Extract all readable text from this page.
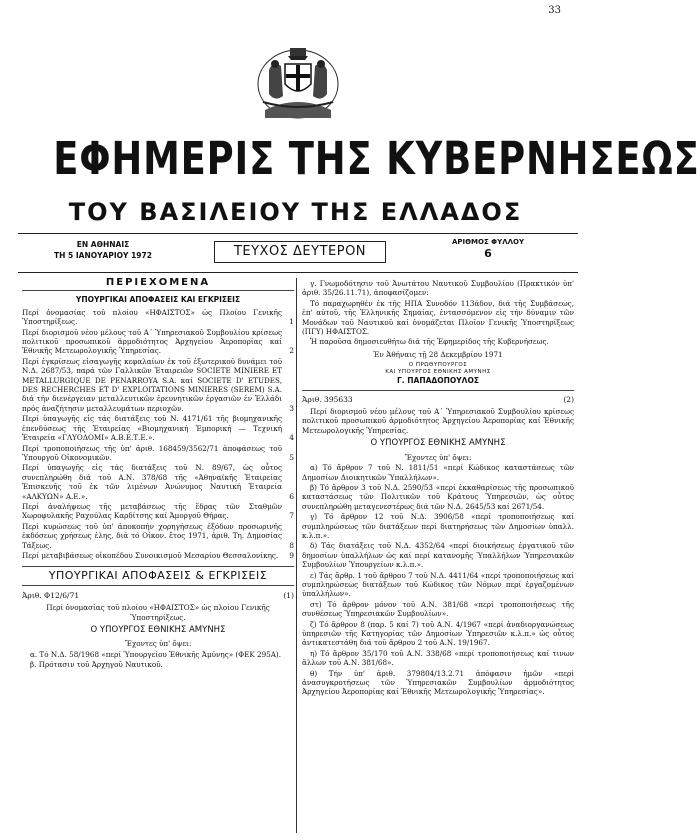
33
ΕΦΗΜΕΡΙΣ ΤΗΣ ΚΥΒΕΡΝΗΣΕΩΣ
ΤΟΥ ΒΑΣΙΛΕΙΟΥ ΤΗΣ ΕΛΛΑΔΟΣ
ΕΝ ΑΘΗΝΑΙΣ
ΤΗ 5 ΙΑΝΟΥΑΡΙΟΥ 1972	ΤΕΥΧΟΣ ΔΕΥΤΕΡΟΝ
ΑΡΙΘΜΟΣ ΦΥΛΛΟΥ
6
ΠΕΡΙΕΧΟΜΕΝΑ
ΥΠΟΥΡΓΙΚΑΙ ΑΠΟΦΑΣΕΙΣ ΚΑΙ ΕΓΚΡΙΣΕΙΣ
Περί ὀνομασίας τοῦ πλοίου «ΗΦΑΙΣΤΟΣ» ὡς Πλοίου Γενικῆς Ὑποστηρίξεως.	1
Περί διορισμοῦ νέου μέλους τοῦ Α΄ Ὑπηρεσιακοῦ Συμβουλίου κρίσεως πολιτικοῦ προσωπικοῦ ἁρμοδιότητος Ἀρχηγείου Ἀεροπορίας καί Ἐθνικῆς Μετεωρολογικῆς Ὑπηρεσίας.	2
Περί ἐγκρίσεως εἰσαγωγῆς κεφαλαίων ἐκ τοῦ ἐξωτερικοῦ δυνάμει τοῦ Ν.Δ. 2687/53, παρά τῶν Γαλλικῶν Ἑταιρειῶν SOCIETE MINIERE ET METALLURGIQUE DE PENARROYA S.A. καί SOCIETE D' ETUDES, DES RECHERCHES ET D' EXPLOITATIONS MINIERES (SEREM) S.A. διά τήν διενέργειαν μεταλλευτικῶν ἐρευνητικῶν ἐργασιῶν ἐν Ἑλλάδι πρός ἀναζήτησιν μεταλλευμάτων περιοχῶν.	3
Περί ὑπαγωγῆς εἰς τάς διατάξεις τοῦ Ν. 4171/61 τῆς βιομηχανικῆς ἐπενδύσεως τῆς Ἑταιρείας «Βιομηχανική Ἐμπορική — Τεχνική Ἑταιρεία «ΓΛΥΟΔΟΜΙ» Α.Β.Ε.Τ.Ε.».	4
Περί τροποποιήσεως τῆς ὑπ' ἀριθ. 168459/3562/71 ἀποφάσεως τοῦ Ὑπουργοῦ Οἰκονομικῶν.	5
Περί ὑπαγωγῆς εἰς τάς διατάξεις τοῦ Ν. 89/67, ὡς οὗτος συνεπληρώθη διά τοῦ Α.Ν. 378/68 τῆς «Ἀθηναϊκῆς Ἑταιρείας Ἐπισκευῆς τοῦ ἐκ τῶν λιμένων Ἀνώνυμος Ναυτική Ἑταιρεία «ΑΛΚΥΩΝ» Α.Ε.».	6
Περί ἀναλήψεως τῆς μεταβάσεως τῆς ἕδρας τῶν Σταθμῶν Χωροφυλακῆς Ραχούλας Καρδίτσης καί Ἀμοργοῦ Θήρας.	7
Περί κυρώσεως τοῦ ὑπ' ἀποκοπήν χορηγήσεως ἐξόδων προσωρινῆς ἐκδόσεως χρήσεως ἐλης, διά τό Οἰκον. ἔτος 1971, ἀριθ. Τη. Δημοσίας Τάξεως.	8
Περί μεταβιβάσεως οἰκοπέδου Συνοικισμοῦ Μεσαρίου Θεσσαλονίκης.	9
ΥΠΟΥΡΓΙΚΑΙ ΑΠΟΦΑΣΕΙΣ & ΕΓΚΡΙΣΕΙΣ
Ἀριθ. Φ12/6/71	(1)
Περί ὀνομασίας τοῦ πλοίου «ΗΦΑΙΣΤΟΣ» ὡς πλοίου Γενικῆς Ὑποστηρίξεως.
Ο ΥΠΟΥΡΓΟΣ ΕΘΝΙΚΗΣ ΑΜΥΝΗΣ
Ἔχοντες ὑπ' ὄψει:
α. Τό Ν.Δ. 58/1968 «περί Ὑπουργείου Ἐθνικῆς Ἀμύνης» (ΦΕΚ 295Α).
β. Πρότασιν τοῦ Ἀρχηγοῦ Ναυτικοῦ.
γ. Γνωμοδότησιν τοῦ Ἀνωτάτου Ναυτικοῦ Συμβουλίου (Πρακτικόν ὑπ' ἀριθ. 35/26.11.71), ἀποφασίζομεν:
Τό παραχωρηθέν ἐκ τῆς ΗΠΑ Συνοδόν 113άδον, διά τῆς Συμβάσεως, ἐπ' αὐτοῦ, τῆς Ἑλληνικῆς Σημαίας, ἐντασσόμενον εἰς τήν δύναμιν τῶν Μονάδων τοῦ Ναυτικοῦ καί ὀνομάζεται Πλοῖον Γενικῆς Ὑποστηρίξεως (ΠΓΥ) ΗΦΑΙΣΤΟΣ.
Ἡ παροῦσα δημοσιευθήτω διά τῆς Ἐφημερίδος τῆς Κυβερνήσεως.
Ἐν Ἀθήναις τῇ 28 Δεκεμβρίου 1971
Ο ΠΡΩΘΥΠΟΥΡΓΟΣ
ΚΑΙ ΥΠΟΥΡΓΟΣ ΕΘΝΙΚΗΣ ΑΜΥΝΗΣ
Γ. ΠΑΠΑΔΟΠΟΥΛΟΣ
Ἀριθ. 395633	(2)
Περί διορισμοῦ νέου μέλους τοῦ Α΄ Ὑπηρεσιακοῦ Συμβουλίου κρίσεως πολιτικοῦ προσωπικοῦ ἁρμοδιότητος Ἀρχηγείου Ἀεροπορίας καί Ἐθνικῆς Μετεωρολογικῆς Ὑπηρεσίας.
Ο ΥΠΟΥΡΓΟΣ ΕΘΝΙΚΗΣ ΑΜΥΝΗΣ
Ἔχοντες ὑπ' ὄψει:
α) Τό ἄρθρον 7 τοῦ Ν. 1811/51 «περί Κώδικος καταστάσεως τῶν Δημοσίων Διοικητικῶν Ὑπαλλήλων».
β) Τό ἄρθρον 3 τοῦ Ν.Δ. 2590/53 «περί ἐκκαθαρίσεως τῆς προσωπικοῦ καταστάσεως τῶν Πολιτικῶν τοῦ Κράτους Ὑπηρεσιῶν, ὡς οὗτος συνεπληρώθη μεταγενεστέρως διά τῶν Ν.Δ. 2645/53 καί 2671/54.
γ) Τό ἄρθρον 12 τοῦ Ν.Δ. 3906/58 «περί τροποποιήσεως καί συμπληρώσεως τῶν διατάξεων περί διατηρήσεως τῶν Δημοσίων ὑπαλλ. κ.λ.π.».
δ) Τάς διατάξεις τοῦ Ν.Δ. 4352/64 «περί διοικήσεως ἐργατικοῦ τῶν δημοσίων ὑπαλλήλων ὡς καί περί κατανομῆς Ὑπαλλήλων Ὑπηρεσιακῶν Συμβουλίων Ὑπουργείων κ.λ.π.».
ε) Τάς ἄρθρ. 1 τοῦ ἄρθρου 7 τοῦ Ν.Δ. 4411/64 «περί τροποποιήσεως καί συμπληρώσεως διατάξεων τοῦ Κώδικος τῶν Νόμων περί ἐργαζομένων ὑπαλλήλων».
στ) Τό ἄρθρον μόνον τοῦ Α.Ν. 381/68 «περί τροποποιήσεως τῆς συνθέσεως Ὑπηρεσιακῶν Συμβουλίων».
ζ) Τό ἄρθρον 8 (παρ. 5 καί 7) τοῦ Α.Ν. 4/1967 «περί ἀναδιοργανώσεως ὑπηρεσιῶν τῆς Κατηγορίας τῶν Δημοσίων Ὑπηρεσιῶν κ.λ.π.» ὡς οὗτος ἀντικατεστάθη διά τοῦ ἄρθρου 2 τοῦ Α.Ν. 19/1967.
η) Τό ἄρθρον 35/170 τοῦ Α.Ν. 338/68 «περί τροποποιήσεως καί τινων ἄλλων τοῦ Α.Ν. 381/68».
θ) Τήν ὑπ' ἀριθ. 379804/13.2.71 ἀπόφασιν ἡμῶν «περί ἀνασυγκροτήσεως τῶν Ὑπηρεσιακῶν Συμβουλίων ἁρμοδιότητος Ἀρχηγείου Ἀεροπορίας καί Ἐθνικῆς Μετεωρολογικῆς Ὑπηρεσίας».
